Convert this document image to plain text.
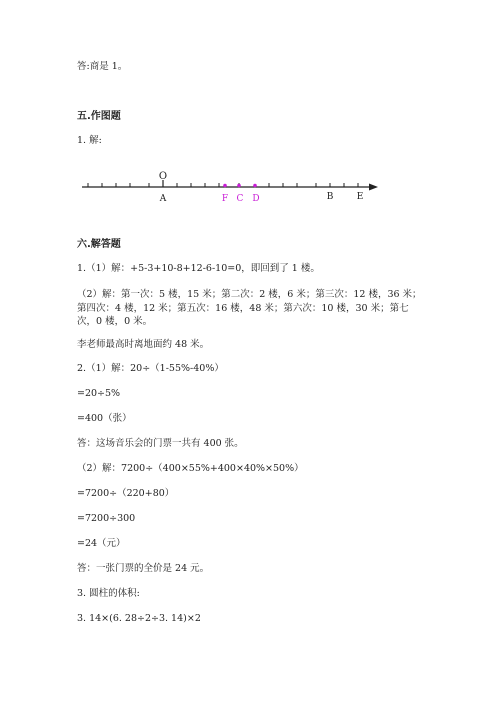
答:商是 1。
五.作图题
1. 解:
O
A	F C D	B	E
六.解答题
1.（1）解：+5-3+10-8+12-6-10=0，即回到了 1 楼。
（2）解：第一次：5 楼，15 米；第二次：2 楼，6 米；第三次：12 楼，36 米；第四次：4 楼，12 米；第五次：16 楼，48 米；第六次：10 楼，30 米；第七次，0 楼，0 米。
李老师最高时离地面约 48 米。
2.（1）解：20÷（1-55%-40%）
=20÷5%
=400（张）
答：这场音乐会的门票一共有 400 张。
（2）解：7200÷（400×55%+400×40%×50%）
=7200÷（220+80）
=7200÷300
=24（元）
答：一张门票的全价是 24 元。
3. 圆柱的体积:
3. 14×(6. 28÷2÷3. 14)×2
